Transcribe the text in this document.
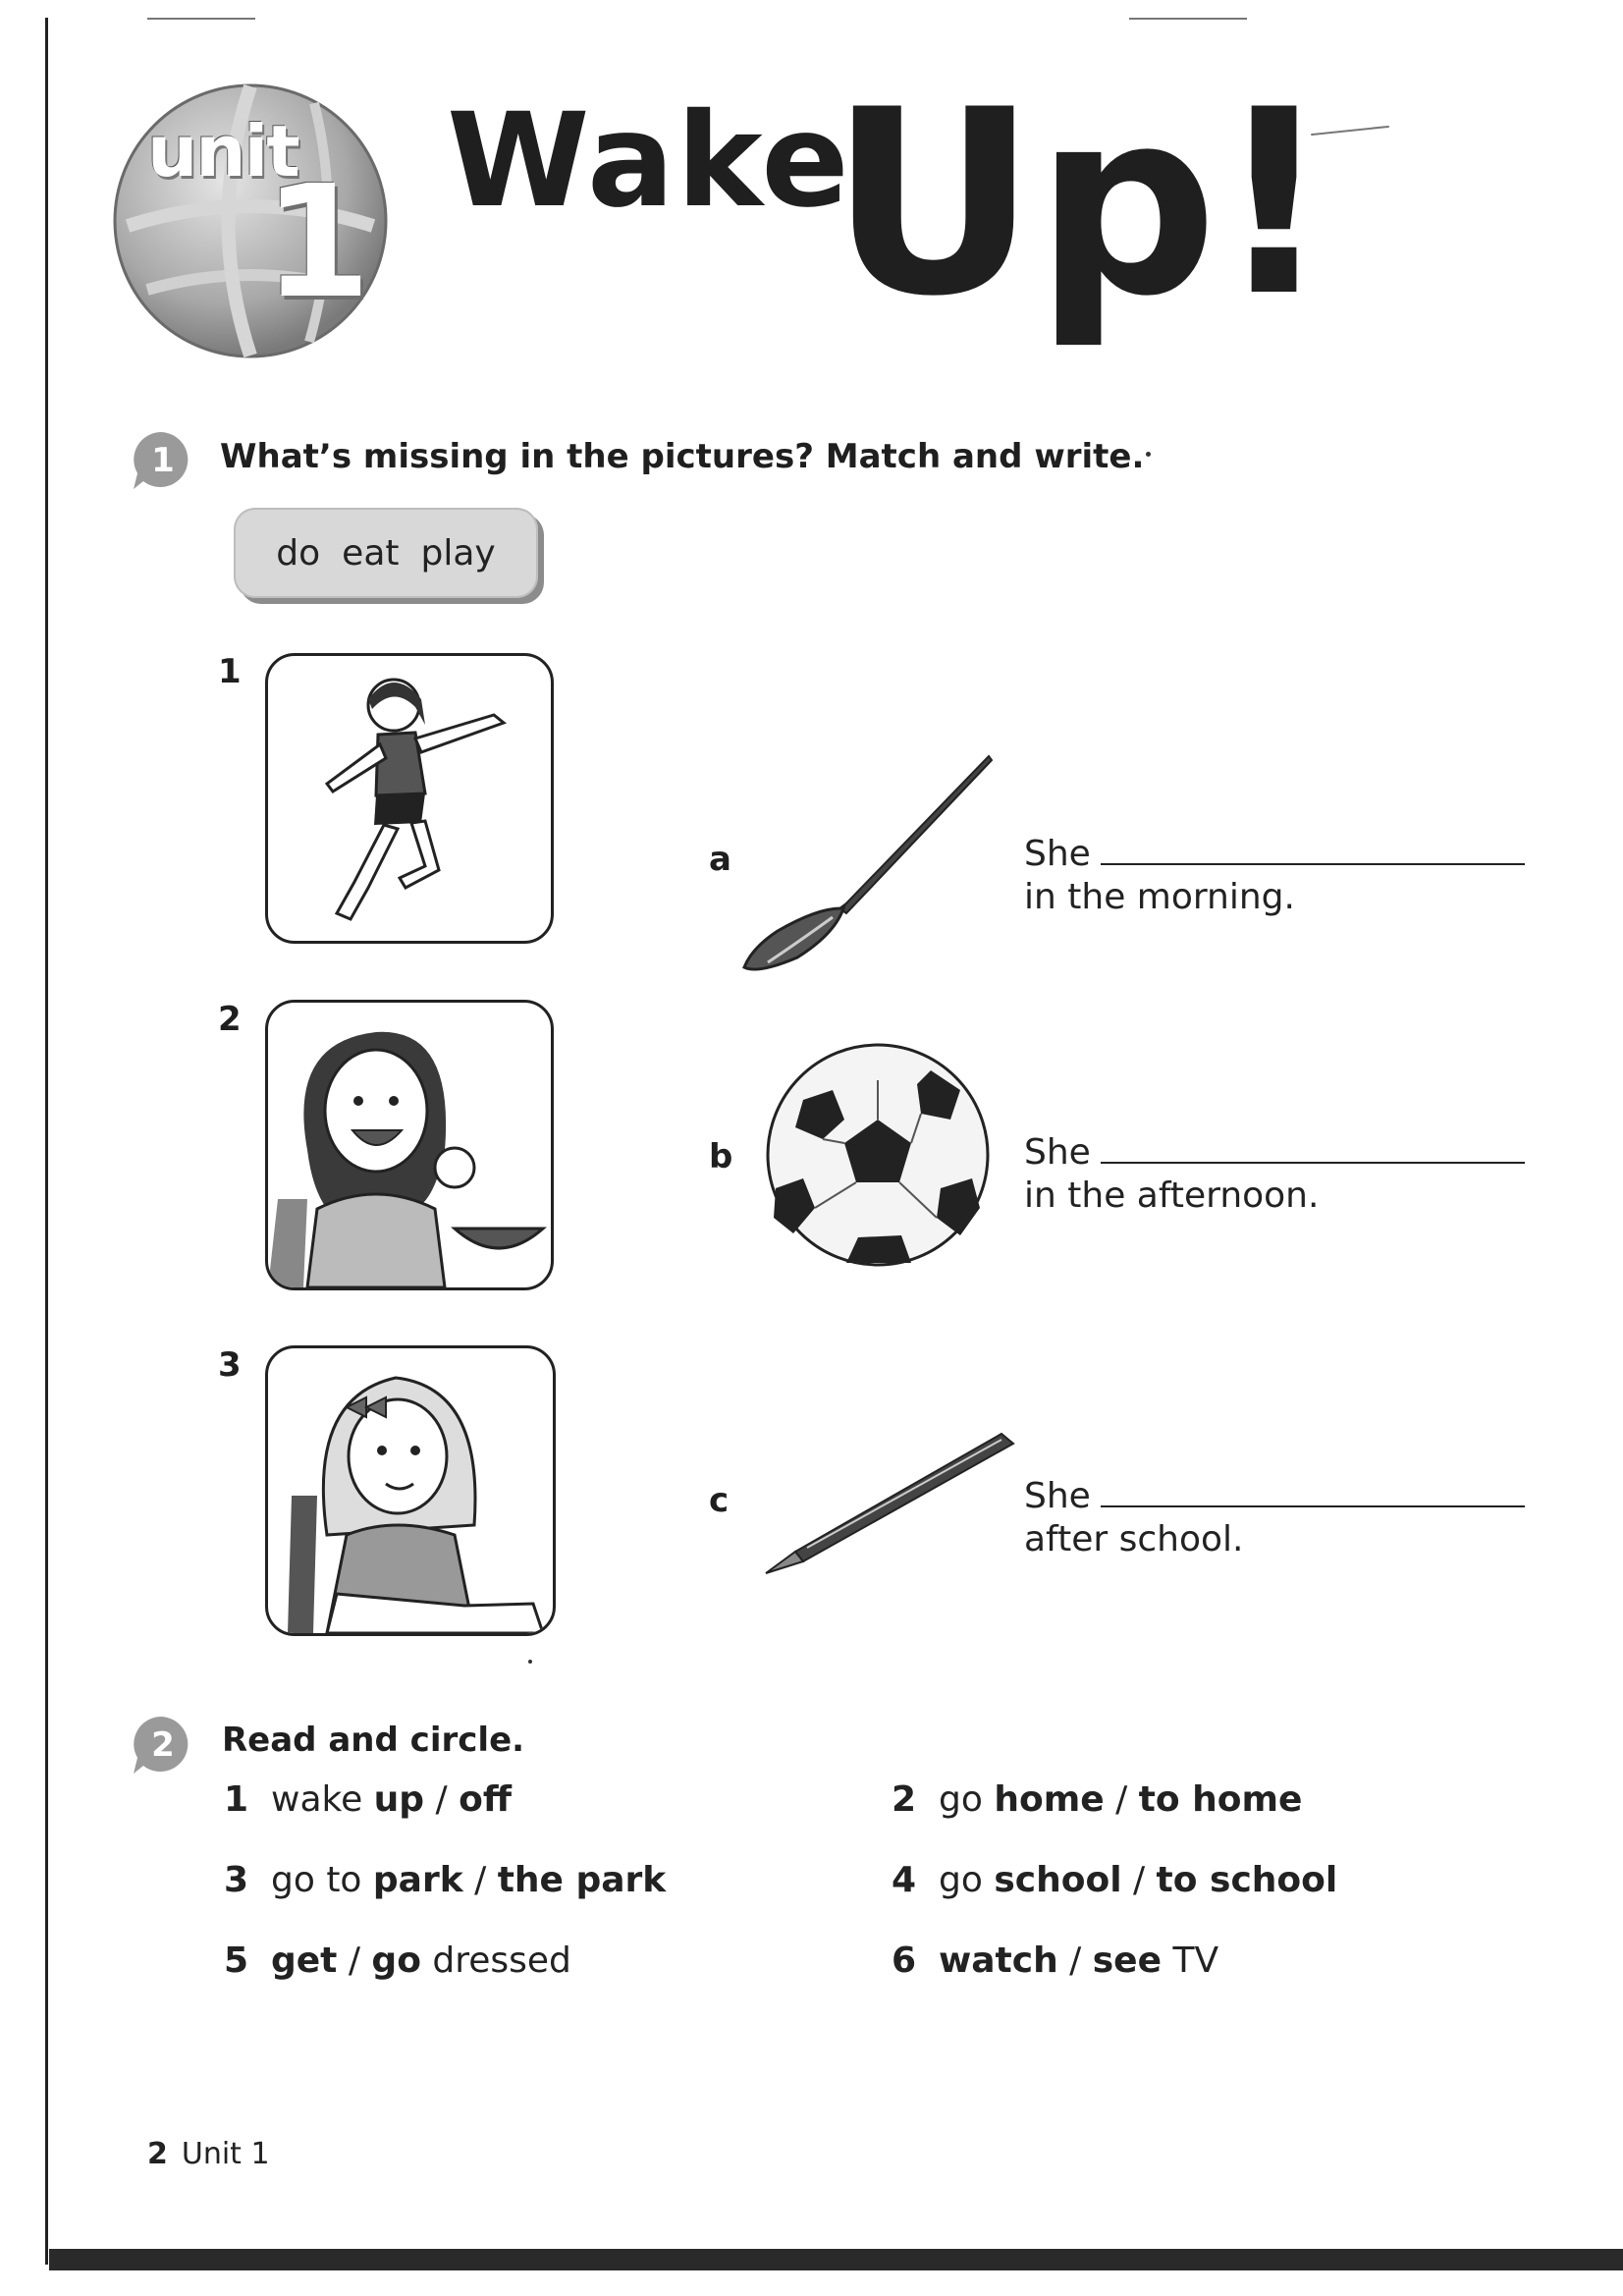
unit
1 Wake
Up!
1 What’s missing in the pictures? Match and write.
do eat play
1
2
3
a	She
in the morning.
b	She
in the afternoon.
c	She
after school.
2 Read and circle.
1 wake up / off	2 go home / to home
3 go to park / the park	4 go school / to school
5 get / go dressed	6 watch / see TV
2 Unit 1
